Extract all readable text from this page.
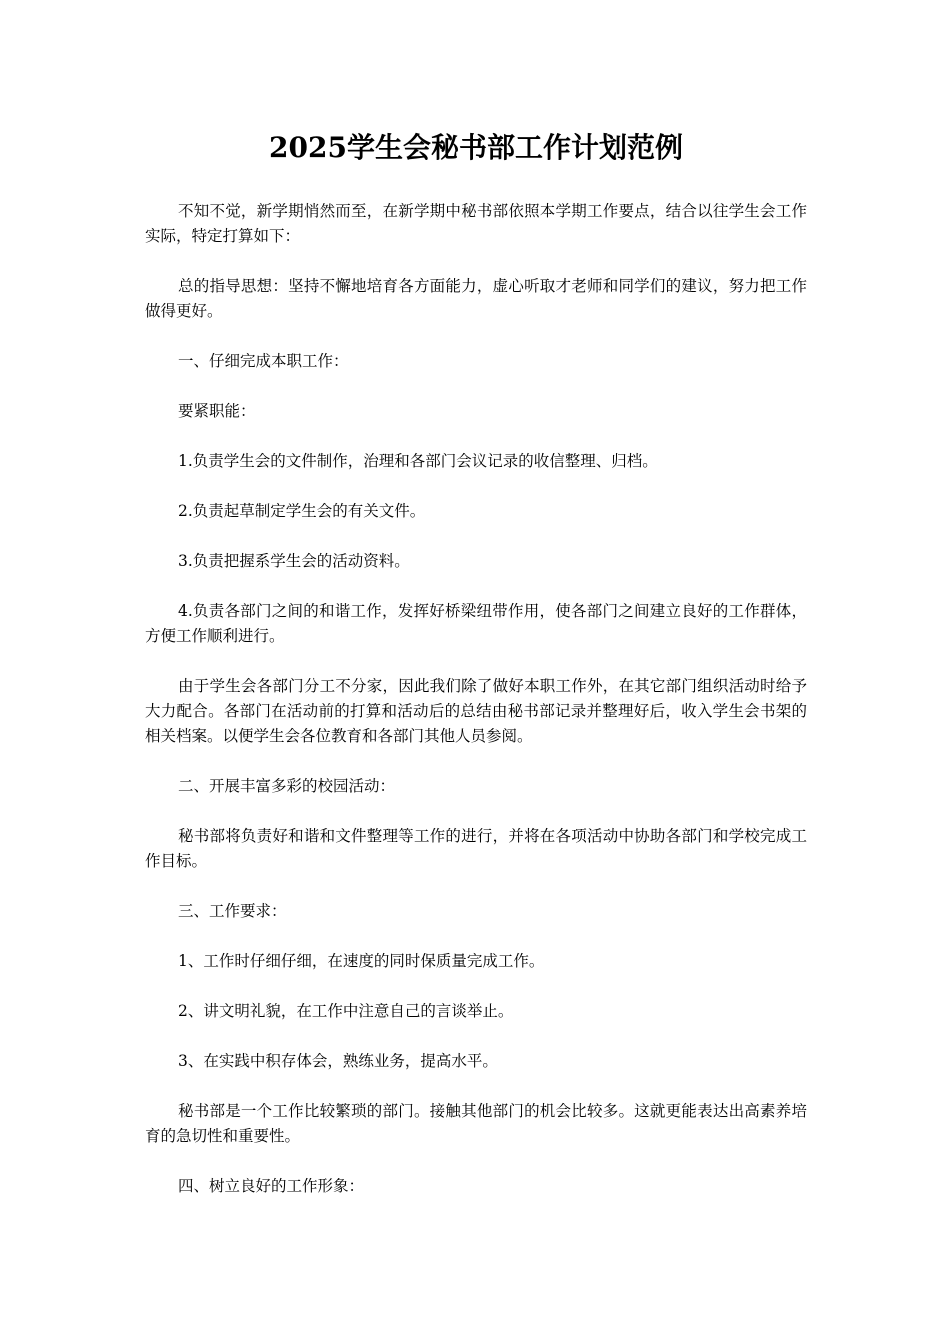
2025学生会秘书部工作计划范例

不知不觉，新学期悄然而至，在新学期中秘书部依照本学期工作要点，结合以往学生会工作实际，特定打算如下：

总的指导思想：坚持不懈地培育各方面能力，虚心听取才老师和同学们的建议，努力把工作做得更好。

一、仔细完成本职工作：

要紧职能：

1.负责学生会的文件制作，治理和各部门会议记录的收信整理、归档。

2.负责起草制定学生会的有关文件。

3.负责把握系学生会的活动资料。

4.负责各部门之间的和谐工作，发挥好桥梁纽带作用，使各部门之间建立良好的工作群体，方便工作顺利进行。

由于学生会各部门分工不分家，因此我们除了做好本职工作外，在其它部门组织活动时给予大力配合。各部门在活动前的打算和活动后的总结由秘书部记录并整理好后，收入学生会书架的相关档案。以便学生会各位教育和各部门其他人员参阅。

二、开展丰富多彩的校园活动：

秘书部将负责好和谐和文件整理等工作的进行，并将在各项活动中协助各部门和学校完成工作目标。

三、工作要求：

1、工作时仔细仔细，在速度的同时保质量完成工作。

2、讲文明礼貌，在工作中注意自己的言谈举止。

3、在实践中积存体会，熟练业务，提高水平。

秘书部是一个工作比较繁琐的部门。接触其他部门的机会比较多。这就更能表达出高素养培育的急切性和重要性。

四、树立良好的工作形象：
